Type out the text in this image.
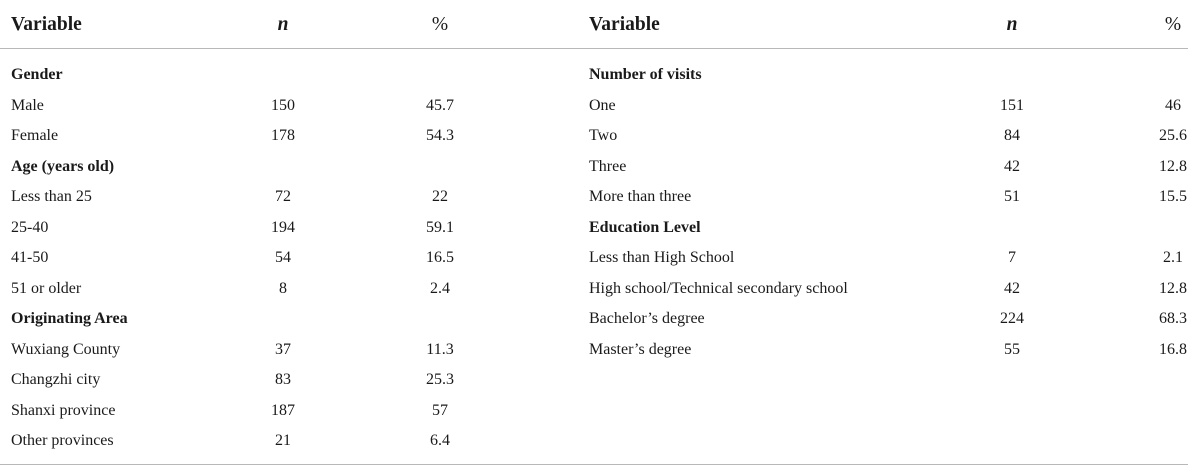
Variable	n	%	Variable	n	%
Gender
Male	150	45.7
Female	178	54.3
Age (years old)
Less than 25	72	22
25-40	194	59.1
41-50	54	16.5
51 or older	8	2.4
Originating Area
Wuxiang County	37	11.3
Changzhi city	83	25.3
Shanxi province	187	57
Other provinces	21	6.4
Number of visits
One	151	46
Two	84	25.6
Three	42	12.8
More than three	51	15.5
Education Level
Less than High School	7	2.1
High school/Technical secondary school	42	12.8
Bachelor’s degree	224	68.3
Master’s degree	55	16.8
